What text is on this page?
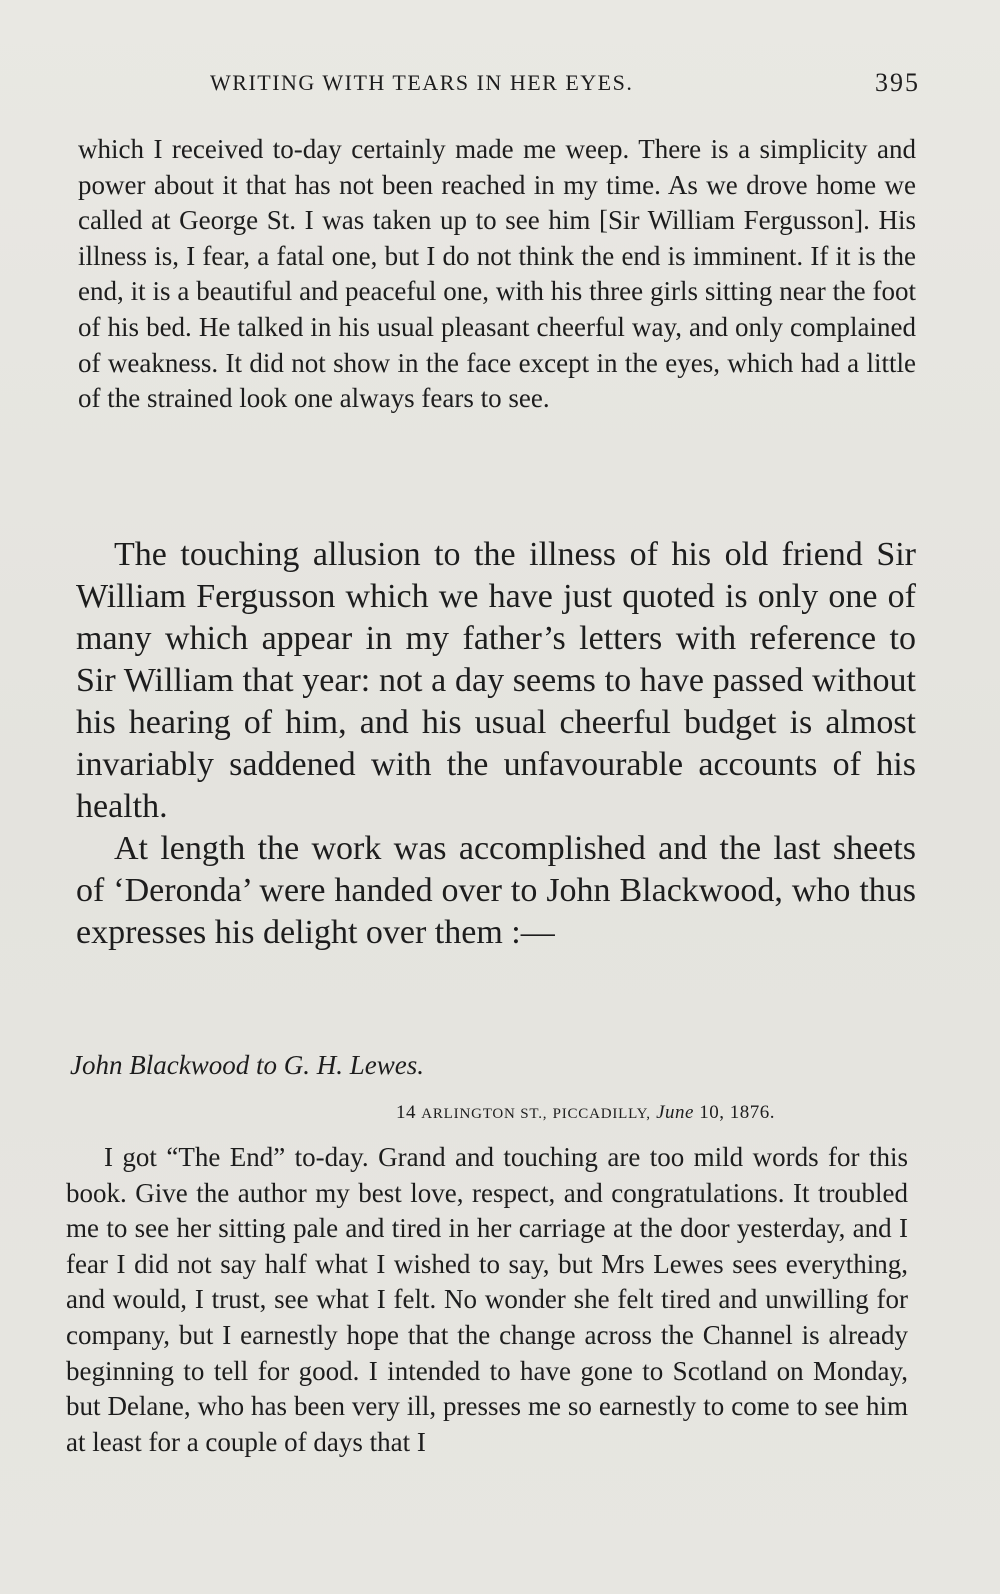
WRITING WITH TEARS IN HER EYES.	395

which I received to-day certainly made me weep. There is a simplicity and power about it that has not been reached in my time. As we drove home we called at George St. I was taken up to see him [Sir William Fergusson]. His illness is, I fear, a fatal one, but I do not think the end is imminent. If it is the end, it is a beautiful and peaceful one, with his three girls sitting near the foot of his bed. He talked in his usual pleasant cheerful way, and only complained of weakness. It did not show in the face except in the eyes, which had a little of the strained look one always fears to see.

The touching allusion to the illness of his old friend Sir William Fergusson which we have just quoted is only one of many which appear in my father’s letters with reference to Sir William that year: not a day seems to have passed without his hearing of him, and his usual cheerful budget is almost invariably saddened with the unfavourable accounts of his health.

At length the work was accomplished and the last sheets of ‘Deronda’ were handed over to John Blackwood, who thus expresses his delight over them :—

John Blackwood to G. H. Lewes.
14 ARLINGTON ST., PICCADILLY, June 10, 1876.

I got “The End” to-day. Grand and touching are too mild words for this book. Give the author my best love, respect, and congratulations. It troubled me to see her sitting pale and tired in her carriage at the door yesterday, and I fear I did not say half what I wished to say, but Mrs Lewes sees everything, and would, I trust, see what I felt. No wonder she felt tired and unwilling for company, but I earnestly hope that the change across the Channel is already beginning to tell for good. I intended to have gone to Scotland on Monday, but Delane, who has been very ill, presses me so earnestly to come to see him at least for a couple of days that I
